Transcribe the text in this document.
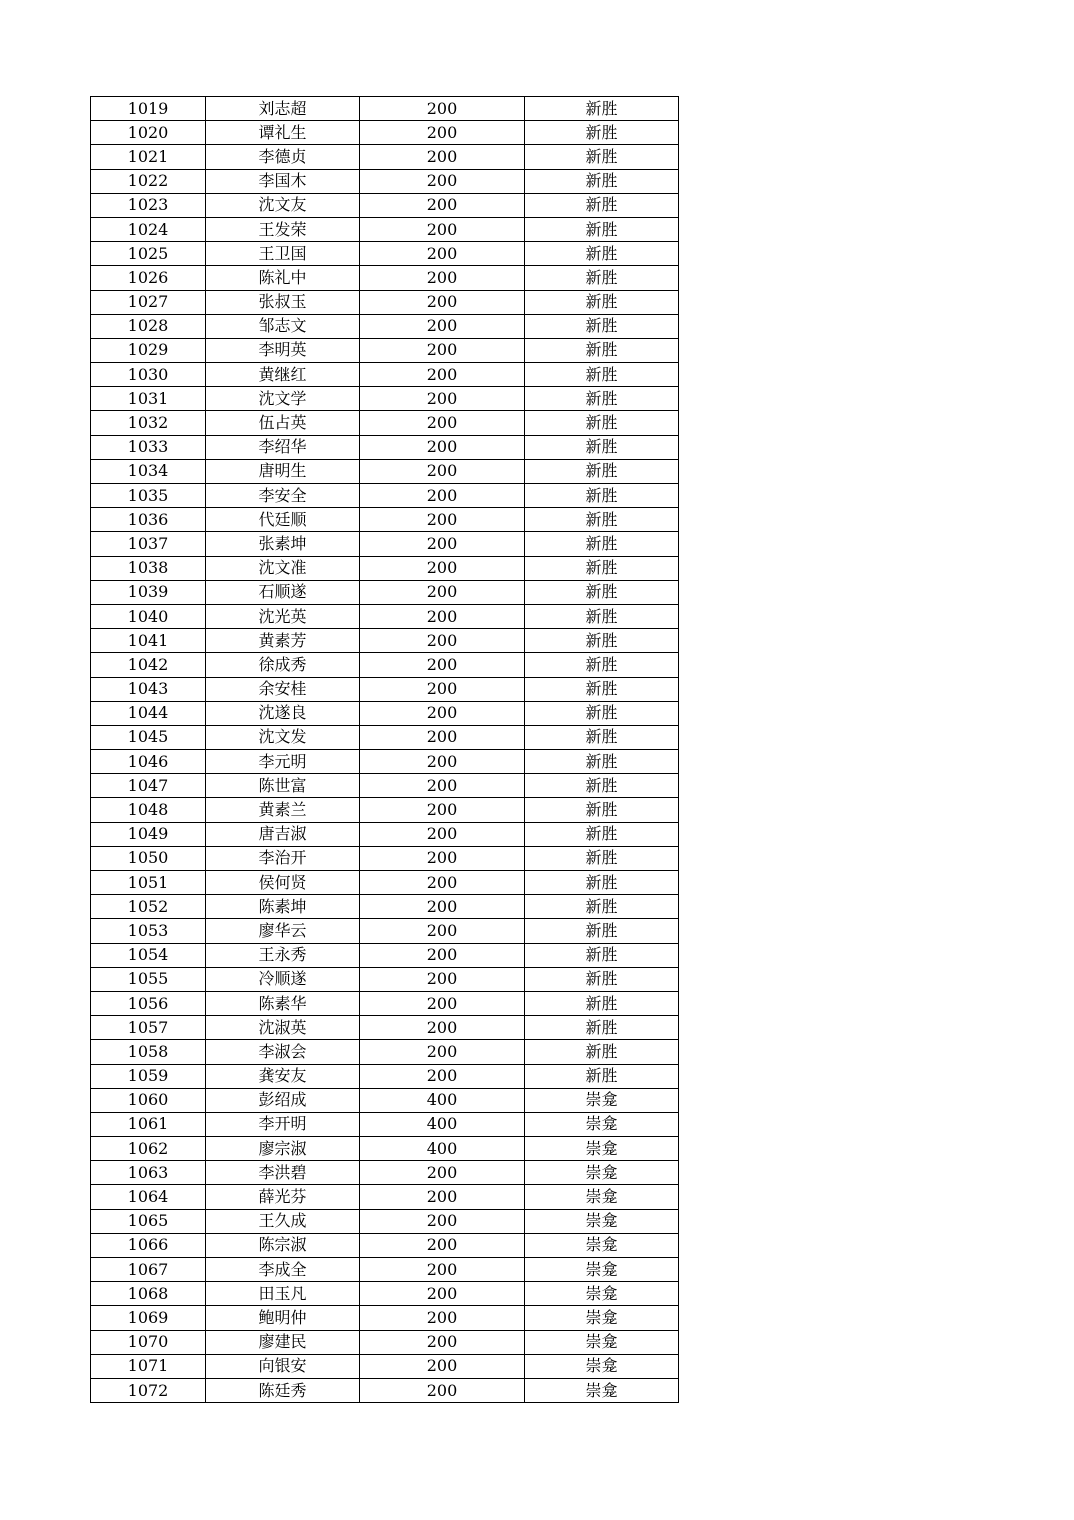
1019	刘志超	200	新胜
1020	谭礼生	200	新胜
1021	李德贞	200	新胜
1022	李国木	200	新胜
1023	沈文友	200	新胜
1024	王发荣	200	新胜
1025	王卫国	200	新胜
1026	陈礼中	200	新胜
1027	张叔玉	200	新胜
1028	邹志文	200	新胜
1029	李明英	200	新胜
1030	黄继红	200	新胜
1031	沈文学	200	新胜
1032	伍占英	200	新胜
1033	李绍华	200	新胜
1034	唐明生	200	新胜
1035	李安全	200	新胜
1036	代廷顺	200	新胜
1037	张素坤	200	新胜
1038	沈文准	200	新胜
1039	石顺遂	200	新胜
1040	沈光英	200	新胜
1041	黄素芳	200	新胜
1042	徐成秀	200	新胜
1043	余安桂	200	新胜
1044	沈遂良	200	新胜
1045	沈文发	200	新胜
1046	李元明	200	新胜
1047	陈世富	200	新胜
1048	黄素兰	200	新胜
1049	唐吉淑	200	新胜
1050	李治开	200	新胜
1051	侯何贤	200	新胜
1052	陈素坤	200	新胜
1053	廖华云	200	新胜
1054	王永秀	200	新胜
1055	冷顺遂	200	新胜
1056	陈素华	200	新胜
1057	沈淑英	200	新胜
1058	李淑会	200	新胜
1059	龚安友	200	新胜
1060	彭绍成	400	崇龛
1061	李开明	400	崇龛
1062	廖宗淑	400	崇龛
1063	李洪碧	200	崇龛
1064	薛光芬	200	崇龛
1065	王久成	200	崇龛
1066	陈宗淑	200	崇龛
1067	李成全	200	崇龛
1068	田玉凡	200	崇龛
1069	鲍明仲	200	崇龛
1070	廖建民	200	崇龛
1071	向银安	200	崇龛
1072	陈廷秀	200	崇龛
